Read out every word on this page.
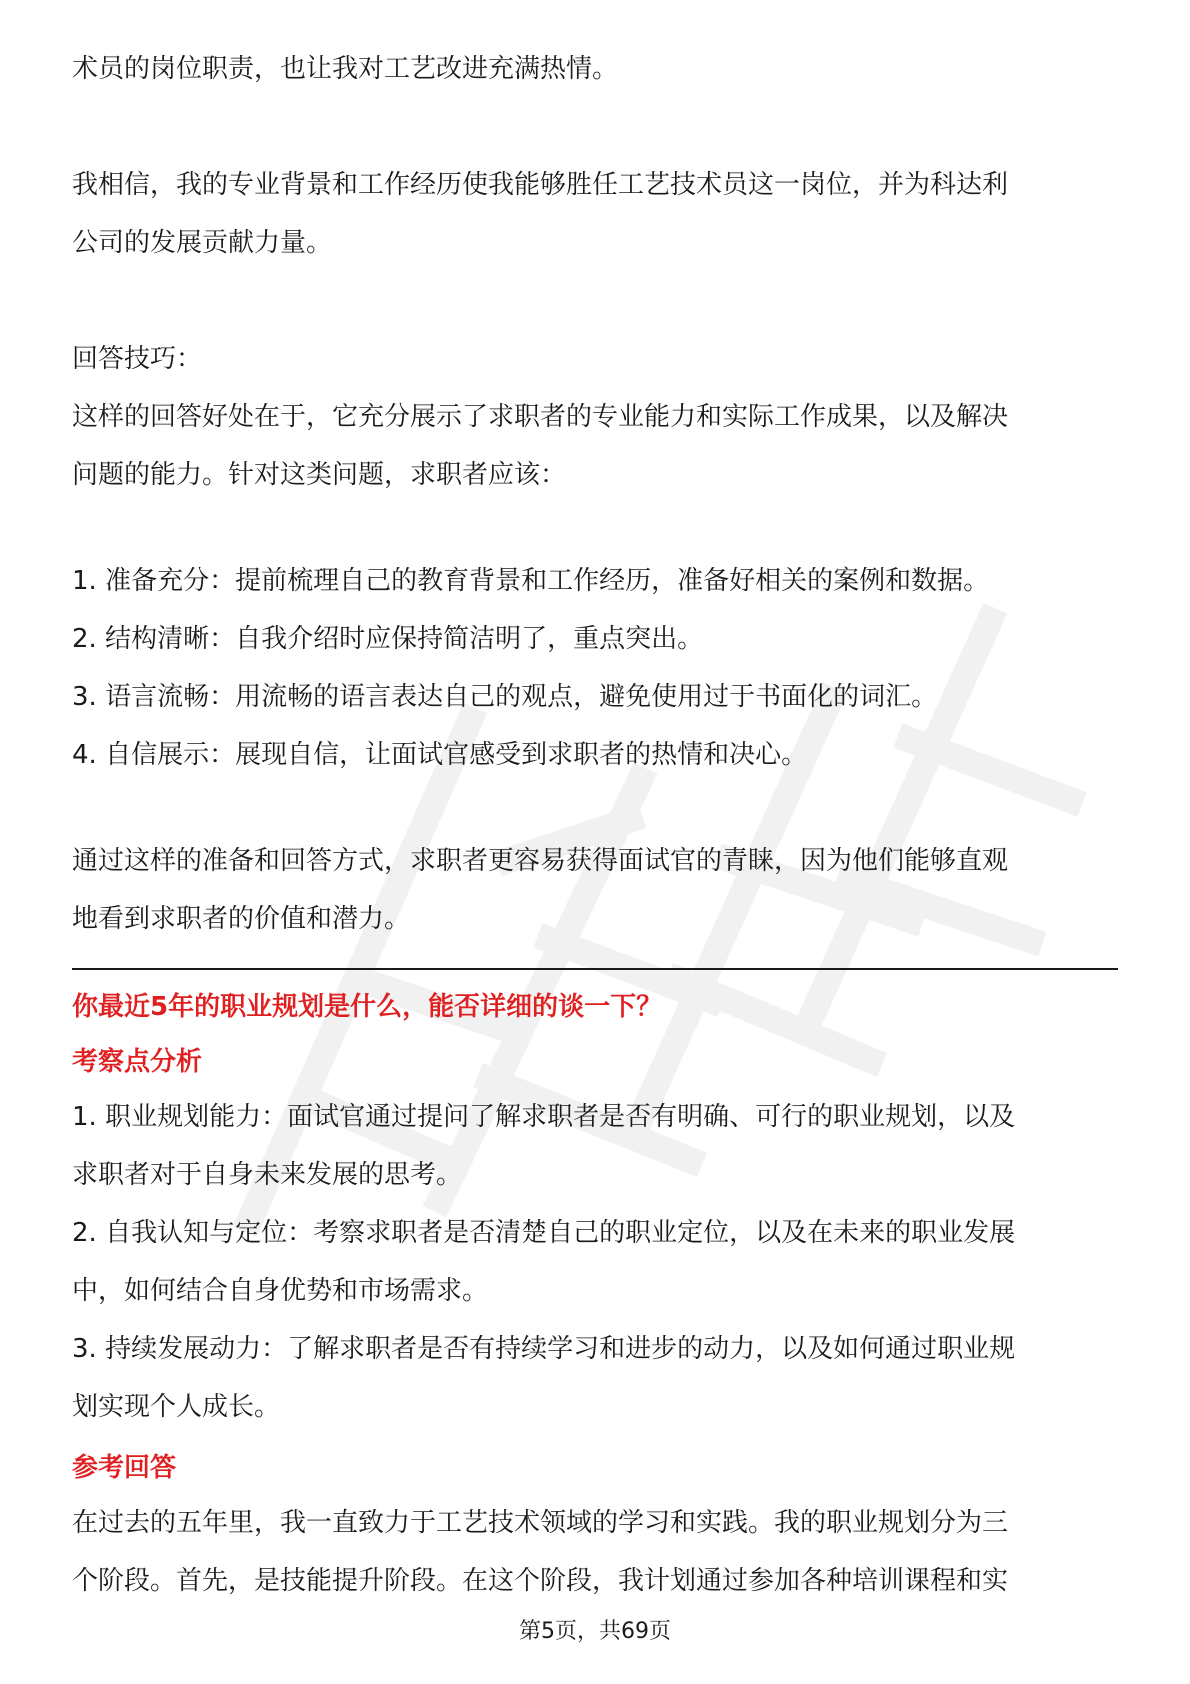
术员的岗位职责，也让我对工艺改进充满热情。

我相信，我的专业背景和工作经历使我能够胜任工艺技术员这一岗位，并为科达利

公司的发展贡献力量。

回答技巧：

这样的回答好处在于，它充分展示了求职者的专业能力和实际工作成果，以及解决

问题的能力。针对这类问题，求职者应该：

1. 准备充分：提前梳理自己的教育背景和工作经历，准备好相关的案例和数据。

2. 结构清晰：自我介绍时应保持简洁明了，重点突出。

3. 语言流畅：用流畅的语言表达自己的观点，避免使用过于书面化的词汇。

4. 自信展示：展现自信，让面试官感受到求职者的热情和决心。

通过这样的准备和回答方式，求职者更容易获得面试官的青睐，因为他们能够直观

地看到求职者的价值和潜力。

你最近5年的职业规划是什么，能否详细的谈一下？

考察点分析

1. 职业规划能力：面试官通过提问了解求职者是否有明确、可行的职业规划，以及

求职者对于自身未来发展的思考。

2. 自我认知与定位：考察求职者是否清楚自己的职业定位，以及在未来的职业发展

中，如何结合自身优势和市场需求。

3. 持续发展动力：了解求职者是否有持续学习和进步的动力，以及如何通过职业规

划实现个人成长。

参考回答

在过去的五年里，我一直致力于工艺技术领域的学习和实践。我的职业规划分为三

个阶段。首先，是技能提升阶段。在这个阶段，我计划通过参加各种培训课程和实

第5页，共69页
